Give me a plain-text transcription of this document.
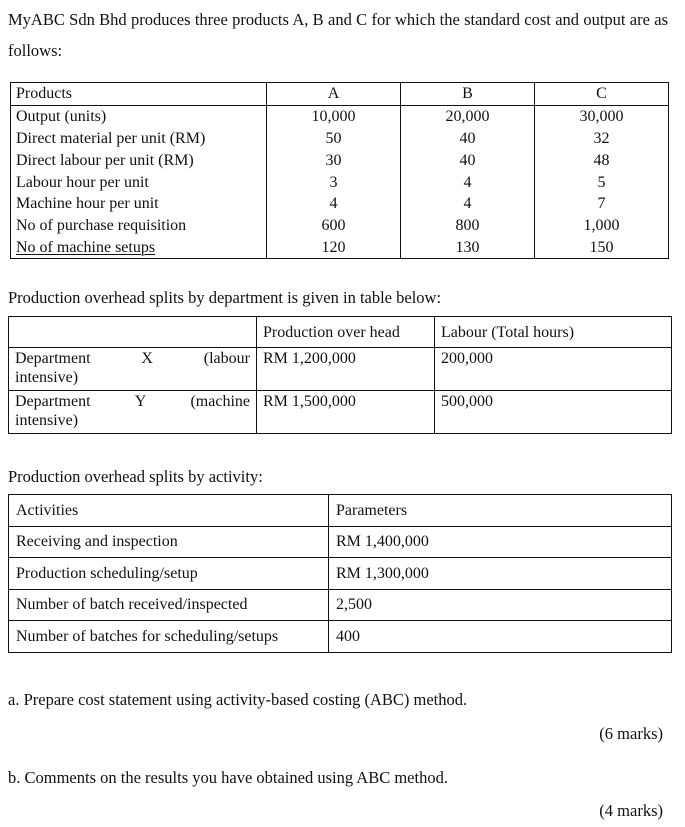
MyABC Sdn Bhd produces three products A, B and C for which the standard cost and output are as follows:
Products	A	B	C
Output (units)	10,000	20,000	30,000
Direct material per unit (RM)	50	40	32
Direct labour per unit (RM)	30	40	48
Labour hour per unit	3	4	5
Machine hour per unit	4	4	7
No of purchase requisition	600	800	1,000
No of machine setups	120	130	150
Production overhead splits by department is given in table below:
	Production over head	Labour (Total hours)

Department X (labour
intensive)	RM 1,200,000	200,000

Department Y (machine
intensive)	RM 1,500,000	500,000
Production overhead splits by activity:
Activities	Parameters
Receiving and inspection	RM 1,400,000
Production scheduling/setup	RM 1,300,000
Number of batch received/inspected	2,500
Number of batches for scheduling/setups	400
a. Prepare cost statement using activity-based costing (ABC) method.
(6 marks)
b. Comments on the results you have obtained using ABC method.
(4 marks)
